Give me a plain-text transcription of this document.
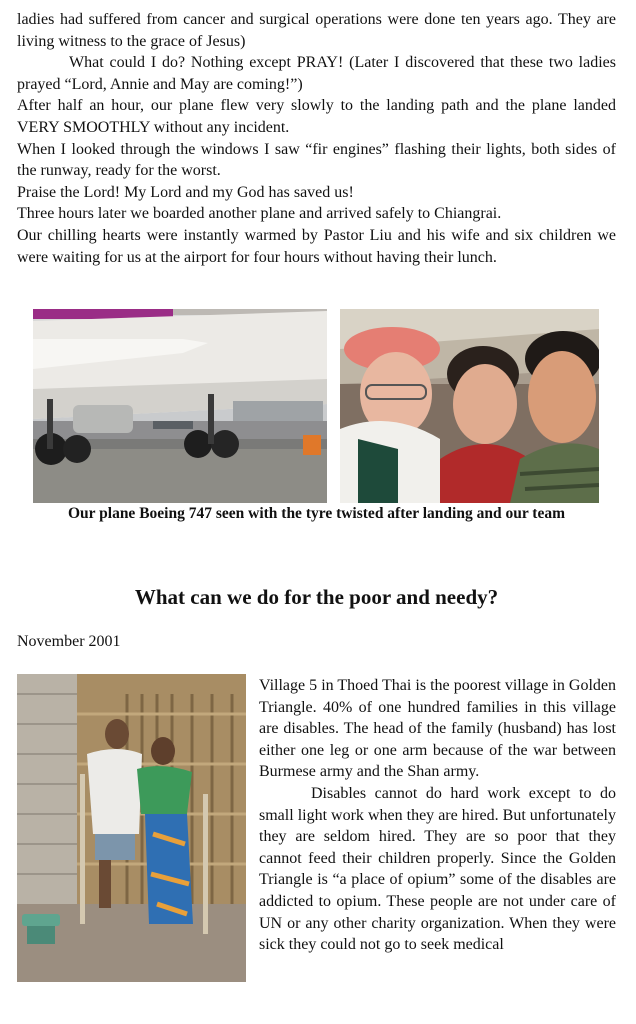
ladies had suffered from cancer and surgical operations were done ten years ago. They are living witness to the grace of Jesus)

What could I do? Nothing except PRAY! (Later I discovered that these two ladies prayed “Lord, Annie and May are coming!”)

After half an hour, our plane flew very slowly to the landing path and the plane landed VERY SMOOTHLY without any incident.

When I looked through the windows I saw “fir engines” flashing their lights, both sides of the runway, ready for the worst.

Praise the Lord! My Lord and my God has saved us!

Three hours later we boarded another plane and arrived safely to Chiangrai.

Our chilling hearts were instantly warmed by Pastor Liu and his wife and six children we were waiting for us at the airport for four hours without having their lunch.

Our plane Boeing 747 seen with the tyre twisted after landing and our team
What can we do for the poor and needy?

November 2001

Village 5 in Thoed Thai is the poorest village in Golden Triangle. 40% of one hundred families in this village are disables. The head of the family (husband) has lost either one leg or one arm because of the war between Burmese army and the Shan army.

Disables cannot do hard work except to do small light work when they are hired. But unfortunately they are seldom hired. They are so poor that they cannot feed their children properly. Since the Golden Triangle is “a place of opium” some of the disables are addicted to opium. These people are not under care of UN or any other charity organization. When they were sick they could not go to seek medical
